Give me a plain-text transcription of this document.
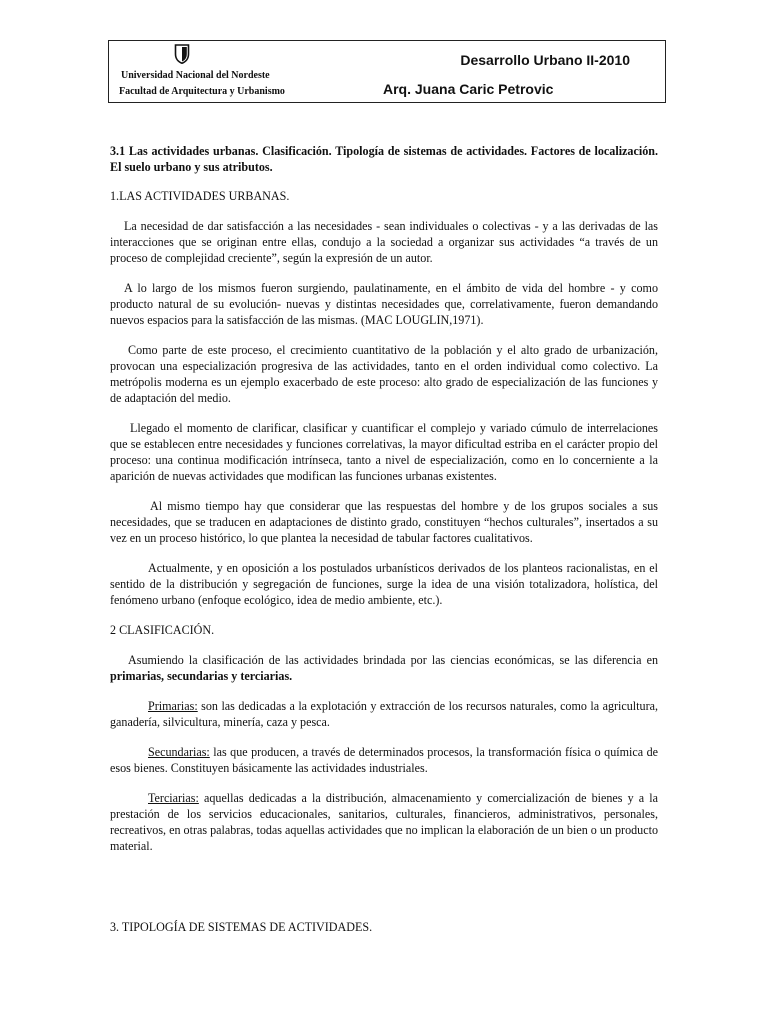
Universidad Nacional del Nordeste
Facultad de Arquitectura y Urbanismo
Desarrollo Urbano II-2010
Arq. Juana Caric Petrovic

3.1 Las actividades urbanas. Clasificación. Tipología de sistemas de actividades. Factores de localización. El suelo urbano y sus atributos.

1.LAS ACTIVIDADES URBANAS.

La necesidad de dar satisfacción a las necesidades - sean individuales o colectivas - y a las derivadas de las interacciones que se originan entre ellas, condujo a la sociedad a organizar sus actividades “a través de un proceso de complejidad creciente”, según la expresión de un autor.

A lo largo de los mismos fueron surgiendo, paulatinamente, en el ámbito de vida del hombre - y como producto natural de su evolución- nuevas y distintas necesidades que, correlativamente, fueron demandando nuevos espacios para la satisfacción de las mismas. (MAC LOUGLIN,1971).

Como parte de este proceso, el crecimiento cuantitativo de la población y el alto grado de urbanización, provocan una especialización progresiva de las actividades, tanto en el orden individual como colectivo. La metrópolis moderna es un ejemplo exacerbado de este proceso: alto grado de especialización de las funciones y de adaptación del medio.

Llegado el momento de clarificar, clasificar y cuantificar el complejo y variado cúmulo de interrelaciones que se establecen entre necesidades y funciones correlativas, la mayor dificultad estriba en el carácter propio del proceso: una continua modificación intrínseca, tanto a nivel de especialización, como en lo concerniente a la aparición de nuevas actividades que modifican las funciones urbanas existentes.

Al mismo tiempo hay que considerar que las respuestas del hombre y de los grupos sociales a sus necesidades, que se traducen en adaptaciones de distinto grado, constituyen “hechos culturales”, insertados a su vez en un proceso histórico, lo que plantea la necesidad de tabular factores cualitativos.

Actualmente, y en oposición a los postulados urbanísticos derivados de los planteos racionalistas, en el sentido de la distribución y segregación de funciones, surge la idea de una visión totalizadora, holística, del fenómeno urbano (enfoque ecológico, idea de medio ambiente, etc.).

2 CLASIFICACIÓN.

Asumiendo la clasificación de las actividades brindada por las ciencias económicas, se las diferencia en primarias, secundarias y terciarias.

Primarias: son las dedicadas a la explotación y extracción de los recursos naturales, como la agricultura, ganadería, silvicultura, minería, caza y pesca.

Secundarias: las que producen, a través de determinados procesos, la transformación física o química de esos bienes. Constituyen básicamente las actividades industriales.

Terciarias: aquellas dedicadas a la distribución, almacenamiento y comercialización de bienes y a la prestación de los servicios educacionales, sanitarios, culturales, financieros, administrativos, personales, recreativos, en otras palabras, todas aquellas actividades que no implican la elaboración de un bien o un producto material.

3. TIPOLOGÍA DE SISTEMAS DE ACTIVIDADES.
